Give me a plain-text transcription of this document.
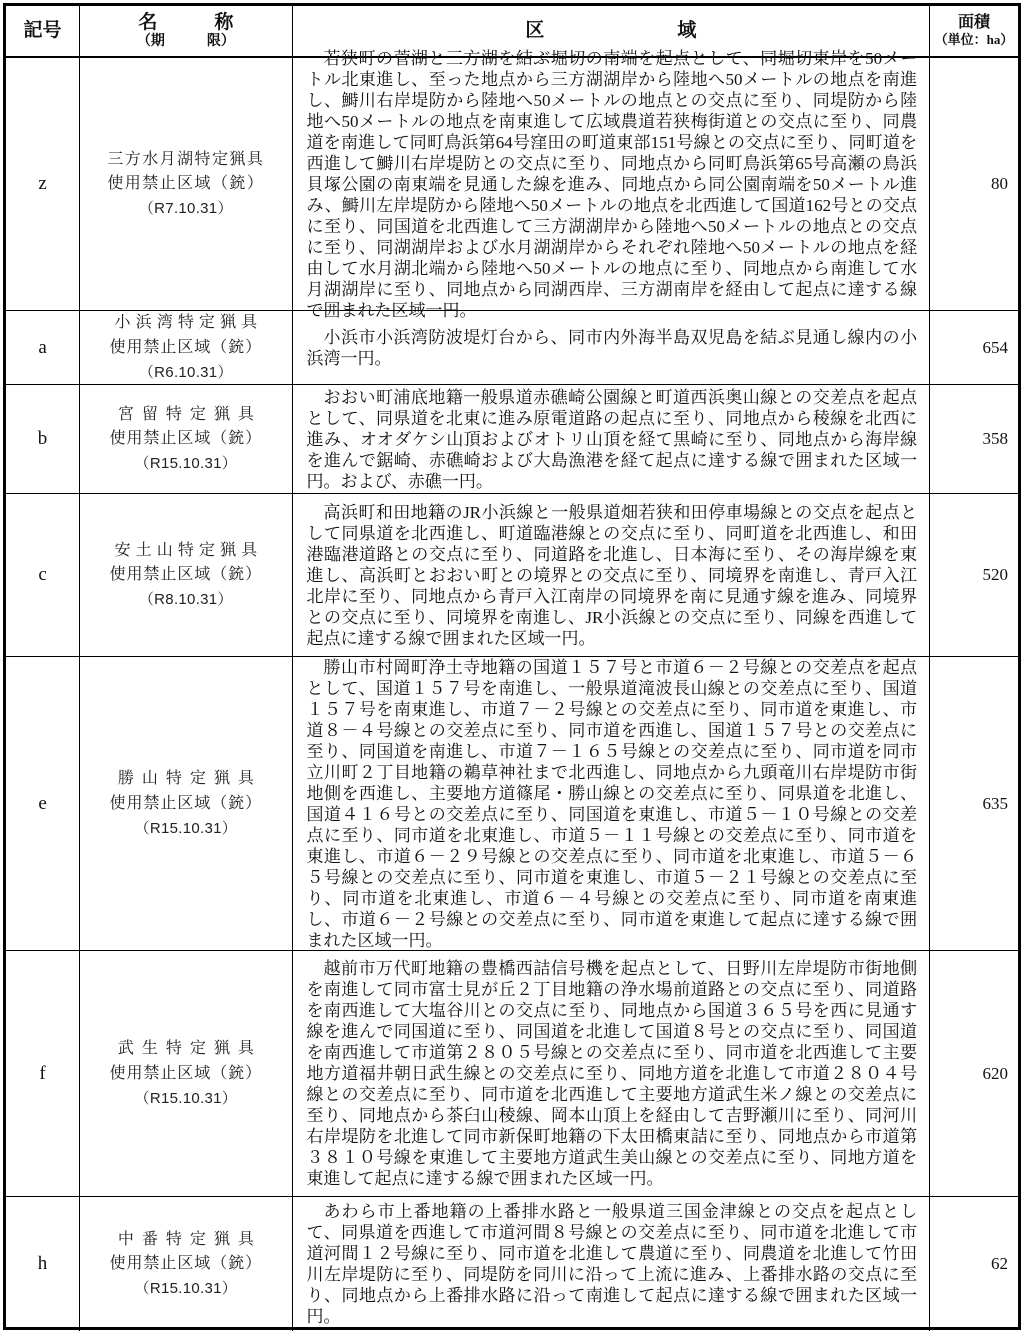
記号	名　　　称
（期　　　限）
区　　　　　　　域	面積
（単位：ha）
z
三方水月湖特定猟具
使用禁止区域（銃）
（R7.10.31）

若狭町の菅湖と三方湖を結ぶ堀切の南端を起点として、同堀切東岸を50メートル北東進し、至った地点から三方湖湖岸から陸地へ50メートルの地点を南進し、鰣川右岸堤防から陸地へ50メートルの地点との交点に至り、同堤防から陸地へ50メートルの地点を南東進して広域農道若狭梅街道との交点に至り、同農道を南進して同町鳥浜第64号窪田の町道東部151号線との交点に至り、同町道を西進して鰣川右岸堤防との交点に至り、同地点から同町鳥浜第65号高瀬の鳥浜貝塚公園の南東端を見通した線を進み、同地点から同公園南端を50メートル進み、鰣川左岸堤防から陸地へ50メートルの地点を北西進して国道162号との交点に至り、同国道を北西進して三方湖湖岸から陸地へ50メートルの地点との交点に至り、同湖湖岸および水月湖湖岸からそれぞれ陸地へ50メートルの地点を経由して水月湖北端から陸地へ50メートルの地点に至り、同地点から南進して水月湖湖岸に至り、同地点から同湖西岸、三方湖南岸を経由して起点に達する線で囲まれた区域一円。

80
a
小浜湾特定猟具
使用禁止区域（銃）
（R6.10.31）

小浜市小浜湾防波堤灯台から、同市内外海半島双児島を結ぶ見通し線内の小浜湾一円。

654
b
宮留特定猟具
使用禁止区域（銃）
（R15.10.31）

おおい町浦底地籍一般県道赤礁崎公園線と町道西浜奥山線との交差点を起点として、同県道を北東に進み原電道路の起点に至り、同地点から稜線を北西に進み、オオダケシ山頂およびオトリ山頂を経て黒崎に至り、同地点から海岸線を進んで鋸崎、赤礁崎および大島漁港を経て起点に達する線で囲まれた区域一円。および、赤礁一円。

358
c
安土山特定猟具
使用禁止区域（銃）
（R8.10.31）

高浜町和田地籍のJR小浜線と一般県道畑若狭和田停車場線との交点を起点として同県道を北西進し、町道臨港線との交点に至り、同町道を北西進し、和田港臨港道路との交点に至り、同道路を北進し、日本海に至り、その海岸線を東進し、高浜町とおおい町との境界との交点に至り、同境界を南進し、青戸入江北岸に至り、同地点から青戸入江南岸の同境界を南に見通す線を進み、同境界との交点に至り、同境界を南進し、JR小浜線との交点に至り、同線を西進して起点に達する線で囲まれた区域一円。

520
e
勝山特定猟具
使用禁止区域（銃）
（R15.10.31）

勝山市村岡町浄土寺地籍の国道１５７号と市道６－２号線との交差点を起点として、国道１５７号を南進し、一般県道滝波長山線との交差点に至り、国道１５７号を南東進し、市道７－２号線との交差点に至り、同市道を東進し、市道８－４号線との交差点に至り、同市道を西進し、国道１５７号との交差点に至り、同国道を南進し、市道７－１６５号線との交差点に至り、同市道を同市立川町２丁目地籍の鵜草神社まで北西進し、同地点から九頭竜川右岸堤防市街地側を西進し、主要地方道篠尾・勝山線との交差点に至り、同県道を北進し、国道４１６号との交差点に至り、同国道を東進し、市道５－１０号線との交差点に至り、同市道を北東進し、市道５－１１号線との交差点に至り、同市道を東進し、市道６－２９号線との交差点に至り、同市道を北東進し、市道５－６５号線との交差点に至り、同市道を東進し、市道５－２１号線との交差点に至り、同市道を北東進し、市道６－４号線との交差点に至り、同市道を南東進し、市道６－２号線との交差点に至り、同市道を東進して起点に達する線で囲まれた区域一円。

635
f
武生特定猟具
使用禁止区域（銃）
（R15.10.31）

越前市万代町地籍の豊橋西詰信号機を起点として、日野川左岸堤防市街地側を南進して同市富士見が丘２丁目地籍の浄水場前道路との交点に至り、同道路を南西進して大塩谷川との交点に至り、同地点から国道３６５号を西に見通す線を進んで同国道に至り、同国道を北進して国道８号との交点に至り、同国道を南西進して市道第２８０５号線との交差点に至り、同市道を北西進して主要地方道福井朝日武生線との交差点に至り、同地方道を北進して市道２８０４号線との交差点に至り、同市道を北西進して主要地方道武生米ノ線との交差点に至り、同地点から茶臼山稜線、岡本山頂上を経由して吉野瀬川に至り、同河川右岸堤防を北進して同市新保町地籍の下太田橋東詰に至り、同地点から市道第３８１０号線を東進して主要地方道武生美山線との交差点に至り、同地方道を東進して起点に達する線で囲まれた区域一円。

620
h
中番特定猟具
使用禁止区域（銃）
（R15.10.31）

あわら市上番地籍の上番排水路と一般県道三国金津線との交点を起点として、同県道を西進して市道河間８号線との交差点に至り、同市道を北進して市道河間１２号線に至り、同市道を北進して農道に至り、同農道を北進して竹田川左岸堤防に至り、同堤防を同川に沿って上流に進み、上番排水路の交点に至り、同地点から上番排水路に沿って南進して起点に達する線で囲まれた区域一円。

62
